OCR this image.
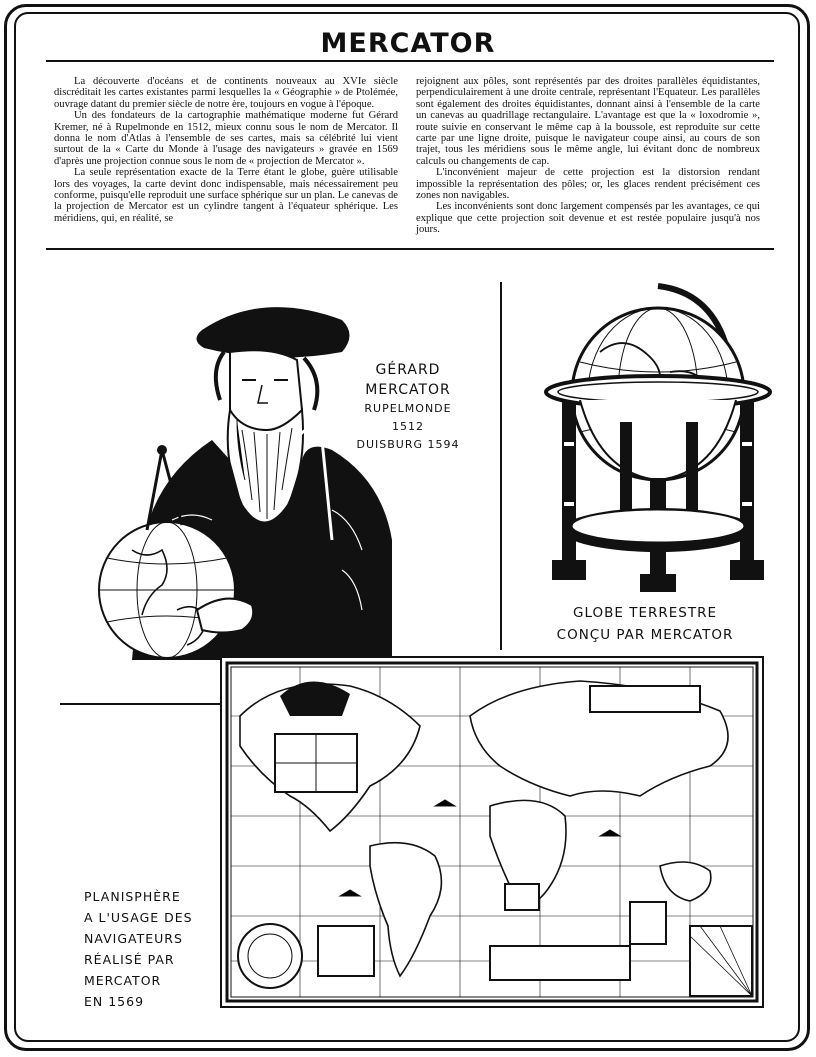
MERCATOR

La découverte d'océans et de continents nouveaux au XVIe siècle discréditait les cartes existantes parmi lesquelles la « Géographie » de Ptolémée, ouvrage datant du premier siècle de notre ère, toujours en vogue à l'époque.

Un des fondateurs de la cartographie mathématique moderne fut Gérard Kremer, né à Rupelmonde en 1512, mieux connu sous le nom de Mercator. Il donna le nom d'Atlas à l'ensemble de ses cartes, mais sa célébrité lui vient surtout de la « Carte du Monde à l'usage des navigateurs » gravée en 1569 d'après une projection connue sous le nom de « projection de Mercator ».

La seule représentation exacte de la Terre étant le globe, guère utilisable lors des voyages, la carte devint donc indispensable, mais nécessairement peu conforme, puisqu'elle reproduit une surface sphérique sur un plan. Le canevas de la projection de Mercator est un cylindre tangent à l'équateur sphérique. Les méridiens, qui, en réalité, se

rejoignent aux pôles, sont représentés par des droites parallèles équidistantes, perpendiculairement à une droite centrale, représentant l'Equateur. Les parallèles sont également des droites équidistantes, donnant ainsi à l'ensemble de la carte un canevas au quadrillage rectangulaire. L'avantage est que la « loxodromie », route suivie en conservant le même cap à la boussole, est reproduite sur cette carte par une ligne droite, puisque le navigateur coupe ainsi, au cours de son trajet, tous les méridiens sous le même angle, lui évitant donc de nombreux calculs ou changements de cap.

L'inconvénient majeur de cette projection est la distorsion rendant impossible la représentation des pôles; or, les glaces rendent précisément ces zones non navigables.

Les inconvénients sont donc largement compensés par les avantages, ce qui explique que cette projection soit devenue et est restée populaire jusqu'à nos jours.

GÉRARD
MERCATOR
RUPELMONDE 1512
DUISBURG 1594
GLOBE TERRESTRE
CONÇU PAR MERCATOR
PLANISPHÈRE
A L'USAGE DES
NAVIGATEURS
RÉALISÉ PAR
MERCATOR
EN 1569
